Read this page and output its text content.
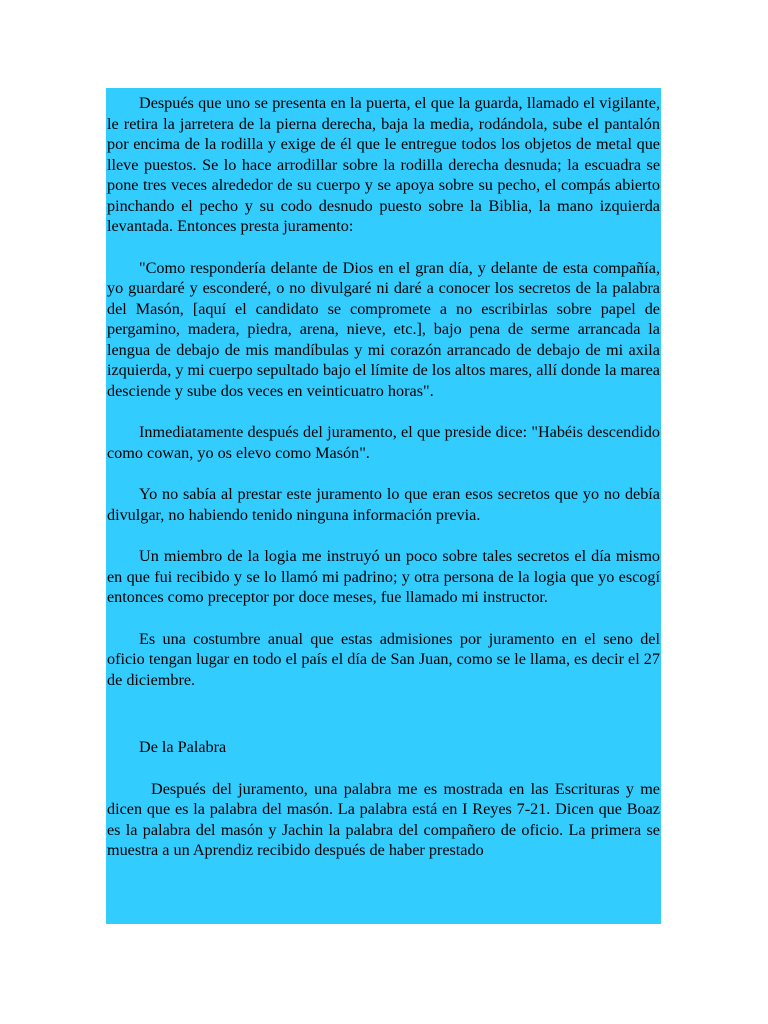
Después que uno se presenta en la puerta, el que la guarda, llamado el vigilante, le retira la jarretera de la pierna derecha, baja la media, rodándola, sube el pantalón por encima de la rodilla y exige de él que le entregue todos los objetos de metal que lleve puestos. Se lo hace arrodillar sobre la rodilla derecha desnuda; la escuadra se pone tres veces alrededor de su cuerpo y se apoya sobre su pecho, el compás abierto pinchando el pecho y su codo desnudo puesto sobre la Biblia, la mano izquierda levantada. Entonces presta juramento:

"Como respondería delante de Dios en el gran día, y delante de esta compañía, yo guardaré y esconderé, o no divulgaré ni daré a conocer los secretos de la palabra del Masón, [aquí el candidato se compromete a no escribirlas sobre papel de pergamino, madera, piedra, arena, nieve, etc.], bajo pena de serme arrancada la lengua de debajo de mis mandíbulas y mi corazón arrancado de debajo de mi axila izquierda, y mi cuerpo sepultado bajo el límite de los altos mares, allí donde la marea desciende y sube dos veces en veinticuatro horas".

Inmediatamente después del juramento, el que preside dice: "Habéis descendido como cowan, yo os elevo como Masón".

Yo no sabía al prestar este juramento lo que eran esos secretos que yo no debía divulgar, no habiendo tenido ninguna información previa.

Un miembro de la logia me instruyó un poco sobre tales secretos el día mismo en que fui recibido y se lo llamó mi padrino; y otra persona de la logia que yo escogí entonces como preceptor por doce meses, fue llamado mi instructor.

Es una costumbre anual que estas admisiones por juramento en el seno del oficio tengan lugar en todo el país el día de San Juan, como se le llama, es decir el 27 de diciembre.

De la Palabra

Después del juramento, una palabra me es mostrada en las Escrituras y me dicen que es la palabra del masón. La palabra está en I Reyes 7-21. Dicen que Boaz es la palabra del masón y Jachin la palabra del compañero de oficio. La primera se muestra a un Aprendiz recibido después de haber prestado
